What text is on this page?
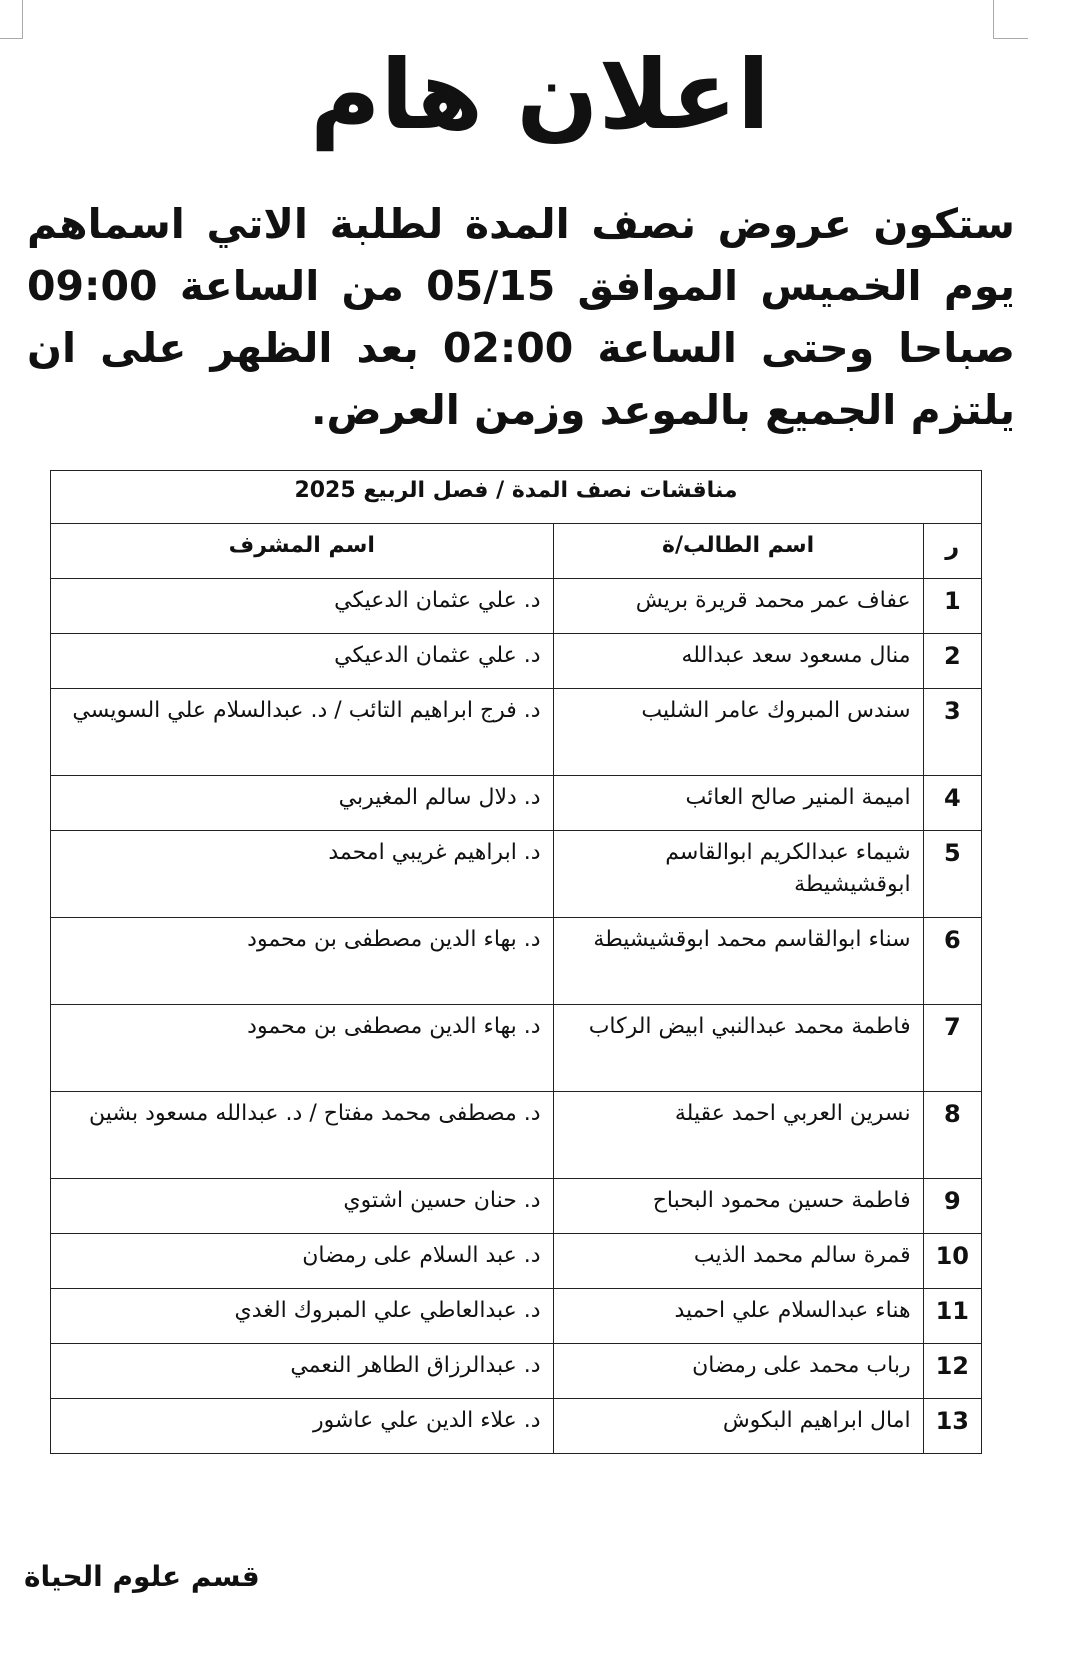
اعلان هام
ستكون عروض نصف المدة لطلبة الاتي اسماهم يوم الخميس الموافق 05/15 من الساعة 09:00 صباحا وحتى الساعة 02:00 بعد الظهر على ان يلتزم الجميع بالموعد وزمن العرض.
مناقشات نصف المدة / فصل الربيع 2025		
ر	اسم الطالب/ة	اسم المشرف
1	عفاف عمر محمد قريرة بريش	د. علي عثمان الدعيكي
2	منال مسعود سعد عبدالله	د. علي عثمان الدعيكي
3	سندس المبروك عامر الشليب	د. فرج ابراهيم التائب / د. عبدالسلام علي السويسي
4	اميمة المنير صالح العائب	د. دلال سالم المغيربي
5	شيماء عبدالكريم ابوالقاسم ابوقشيشيطة	د. ابراهيم غريبي امحمد
6	سناء ابوالقاسم محمد ابوقشيشيطة	د. بهاء الدين مصطفى بن محمود
7	فاطمة محمد عبدالنبي ابيض الركاب	د. بهاء الدين مصطفى بن محمود
8	نسرين العربي احمد عقيلة	د. مصطفى محمد مفتاح / د. عبدالله مسعود بشين
9	فاطمة حسين محمود البحباح	د. حنان حسين اشتوي
10	قمرة سالم محمد الذيب	د. عبد السلام على رمضان
11	هناء عبدالسلام علي احميد	د. عبدالعاطي علي المبروك الغدي
12	رباب محمد على رمضان	د. عبدالرزاق الطاهر النعمي
13	امال ابراهيم البكوش	د. علاء الدين علي عاشور
قسم علوم الحياة
